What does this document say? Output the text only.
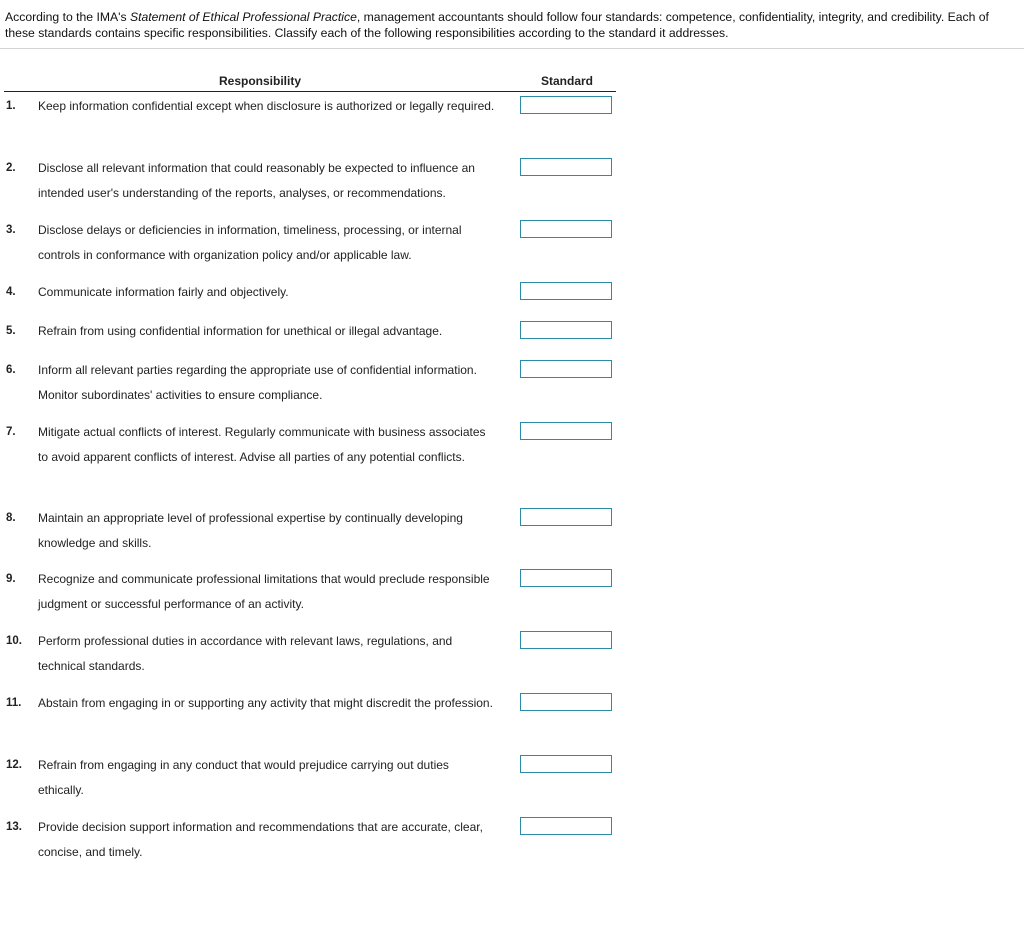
According to the IMA's Statement of Ethical Professional Practice, management accountants should follow four standards: competence, confidentiality, integrity, and credibility. Each of these standards contains specific responsibilities. Classify each of the following responsibilities according to the standard it addresses.
Responsibility	Standard
1. Keep information confidential except when disclosure is authorized or legally required.
2. Disclose all relevant information that could reasonably be expected to influence an intended user's understanding of the reports, analyses, or recommendations.
3. Disclose delays or deficiencies in information, timeliness, processing, or internal controls in conformance with organization policy and/or applicable law.
4. Communicate information fairly and objectively.
5. Refrain from using confidential information for unethical or illegal advantage.
6. Inform all relevant parties regarding the appropriate use of confidential information. Monitor subordinates' activities to ensure compliance.
7. Mitigate actual conflicts of interest. Regularly communicate with business associates to avoid apparent conflicts of interest. Advise all parties of any potential conflicts.
8. Maintain an appropriate level of professional expertise by continually developing knowledge and skills.
9. Recognize and communicate professional limitations that would preclude responsible judgment or successful performance of an activity.
10. Perform professional duties in accordance with relevant laws, regulations, and technical standards.
11. Abstain from engaging in or supporting any activity that might discredit the profession.
12. Refrain from engaging in any conduct that would prejudice carrying out duties ethically.
13. Provide decision support information and recommendations that are accurate, clear, concise, and timely.
